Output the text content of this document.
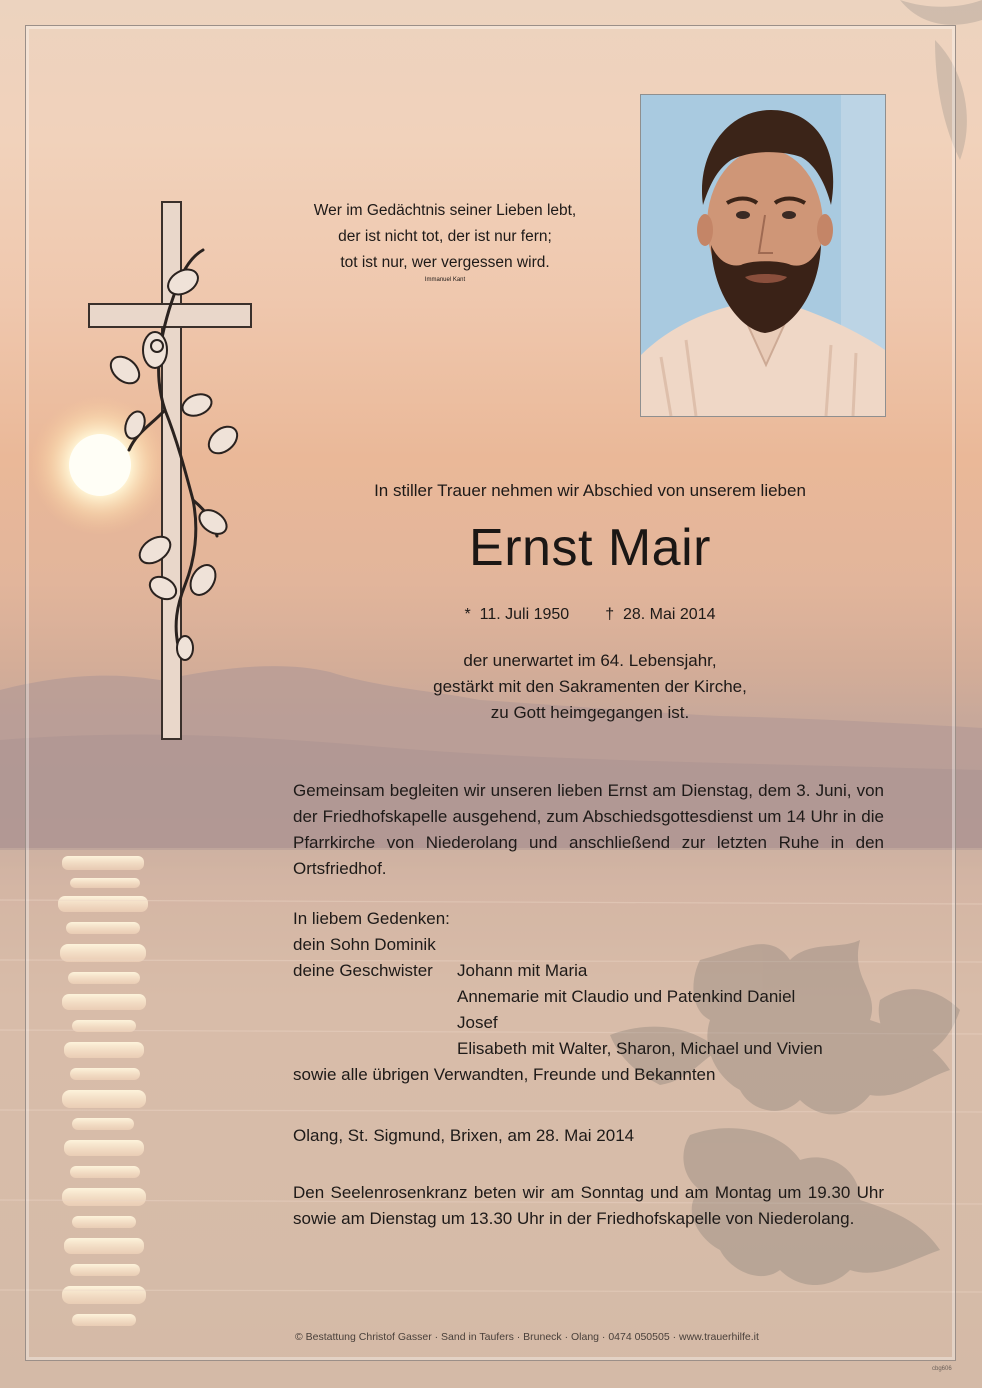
Wer im Gedächtnis seiner Lieben lebt,
der ist nicht tot, der ist nur fern;
tot ist nur, wer vergessen wird.
Immanuel Kant
In stiller Trauer nehmen wir Abschied von unserem lieben
Ernst Mair
*  11. Juli 1950 †  28. Mai 2014
der unerwartet im 64. Lebensjahr,
gestärkt mit den Sakramenten der Kirche,
zu Gott heimgegangen ist.
Gemeinsam begleiten wir unseren lieben Ernst am Dienstag, dem 3. Juni, von der Friedhofskapelle ausgehend, zum Abschiedsgottesdienst um 14 Uhr in die Pfarrkirche von Niederolang und anschließend zur letzten Ruhe in den Ortsfriedhof.
In liebem Gedenken:
dein Sohn Dominik
deine Geschwister	Johann mit Maria
Annemarie mit Claudio und Patenkind Daniel
Josef
Elisabeth mit Walter, Sharon, Michael und Vivien
sowie alle übrigen Verwandten, Freunde und Bekannten
Olang, St. Sigmund, Brixen, am 28. Mai 2014
Den Seelenrosenkranz beten wir am Sonntag und am Montag um 19.30 Uhr sowie am Dienstag um 13.30 Uhr in der Friedhofskapelle von Niederolang.
© Bestattung Christof Gasser · Sand in Taufers · Bruneck · Olang · 0474 050505 · www.trauerhilfe.it
cbg606
